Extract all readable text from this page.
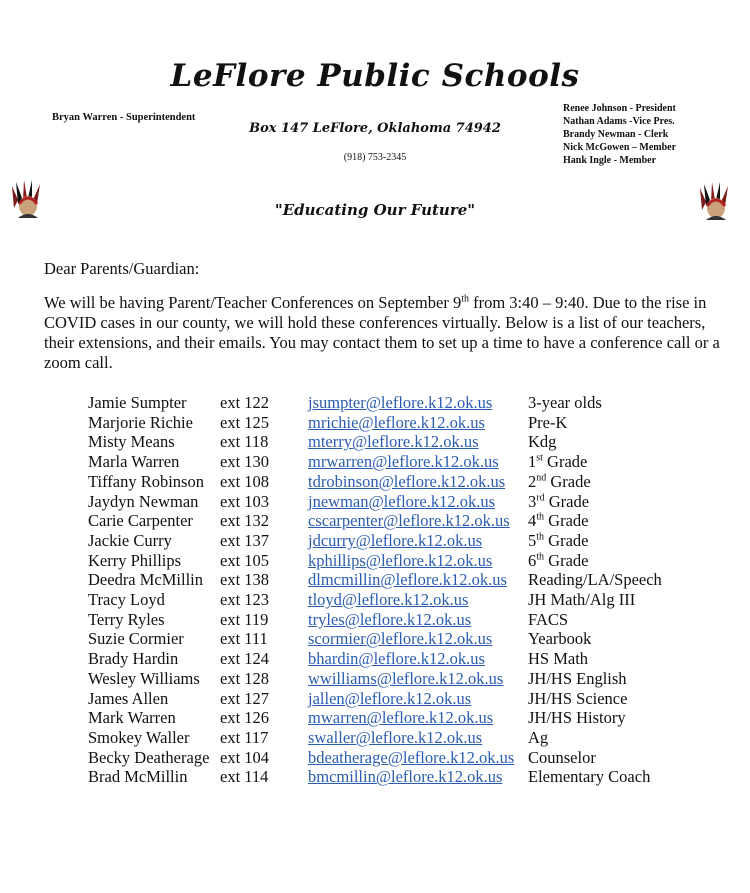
LeFlore Public Schools
Bryan Warren - Superintendent
Renee Johnson - President
Nathan Adams -Vice Pres.
Brandy Newman - Clerk
Nick McGowen – Member
Hank Ingle - Member
Box 147 LeFlore, Oklahoma 74942
(918) 753-2345
"Educating Our Future"
Dear Parents/Guardian:
We will be having Parent/Teacher Conferences on September 9th from 3:40 – 9:40. Due to the rise in COVID cases in our county, we will hold these conferences virtually. Below is a list of our teachers, their extensions, and their emails. You may contact them to set up a time to have a conference call or a zoom call.
Jamie Sumpter	ext 122	jsumpter@leflore.k12.ok.us	3-year olds
Marjorie Richie	ext 125	mrichie@leflore.k12.ok.us	Pre-K
Misty Means	ext 118	mterry@leflore.k12.ok.us	Kdg
Marla Warren	ext 130	mrwarren@leflore.k12.ok.us	1st Grade
Tiffany Robinson	ext 108	tdrobinson@leflore.k12.ok.us	2nd Grade
Jaydyn Newman	ext 103	jnewman@leflore.k12.ok.us	3rd Grade
Carie Carpenter	ext 132	cscarpenter@leflore.k12.ok.us	4th Grade
Jackie Curry	ext 137	jdcurry@leflore.k12.ok.us	5th Grade
Kerry Phillips	ext 105	kphillips@leflore.k12.ok.us	6th Grade
Deedra McMillin	ext 138	dlmcmillin@leflore.k12.ok.us	Reading/LA/Speech
Tracy Loyd	ext 123	tloyd@leflore.k12.ok.us	JH Math/Alg III
Terry Ryles	ext 119	tryles@leflore.k12.ok.us	FACS
Suzie Cormier	ext 111	scormier@leflore.k12.ok.us	Yearbook
Brady Hardin	ext 124	bhardin@leflore.k12.ok.us	HS Math
Wesley Williams	ext 128	wwilliams@leflore.k12.ok.us	JH/HS English
James Allen	ext 127	jallen@leflore.k12.ok.us	JH/HS Science
Mark Warren	ext 126	mwarren@leflore.k12.ok.us	JH/HS History
Smokey Waller	ext 117	swaller@leflore.k12.ok.us	Ag
Becky Deatherage	ext 104	bdeatherage@leflore.k12.ok.us	Counselor
Brad McMillin	ext 114	bmcmillin@leflore.k12.ok.us	Elementary Coach
